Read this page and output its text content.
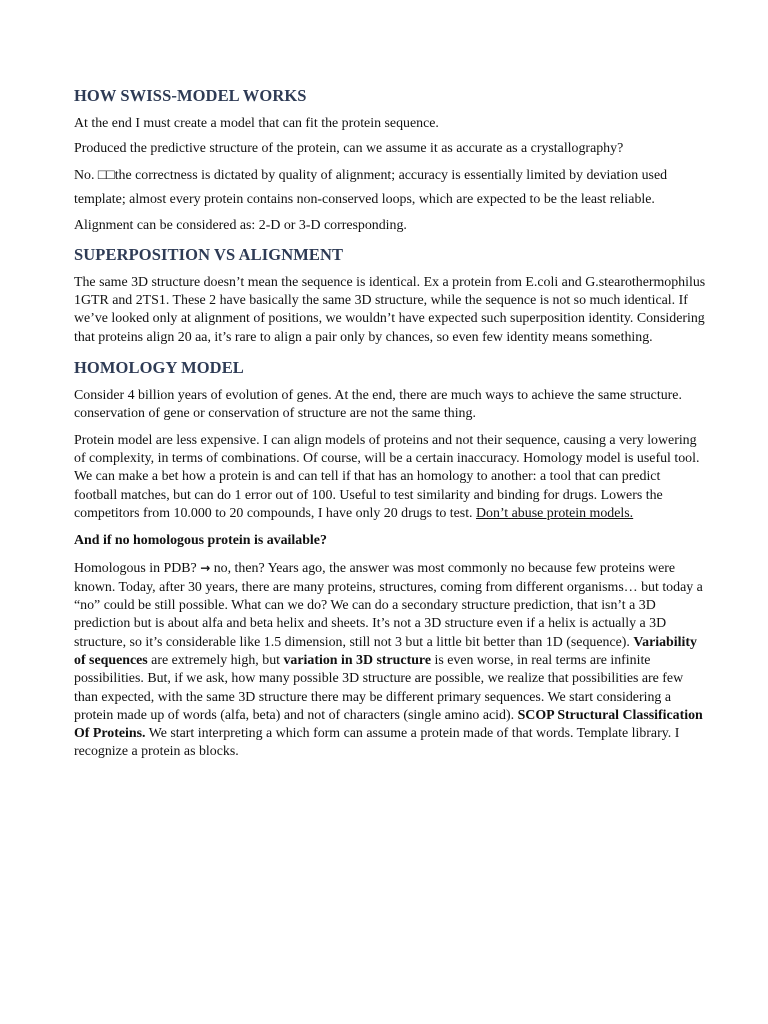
HOW SWISS-MODEL WORKS

At the end I must create a model that can fit the protein sequence.

Produced the predictive structure of the protein, can we assume it as accurate as a crystallography?

No. □□the correctness is dictated by quality of alignment; accuracy is essentially limited by deviation used template; almost every protein contains non-conserved loops, which are expected to be the least reliable.

Alignment can be considered as: 2-D or 3-D corresponding.

SUPERPOSITION VS ALIGNMENT

The same 3D structure doesn’t mean the sequence is identical. Ex a protein from E.coli and G.stearothermophilus 1GTR and 2TS1. These 2 have basically the same 3D structure, while the sequence is not so much identical. If we’ve looked only at alignment of positions, we wouldn’t have expected such superposition identity. Considering that proteins align 20 aa, it’s rare to align a pair only by chances, so even few identity means something.

HOMOLOGY MODEL

Consider 4 billion years of evolution of genes. At the end, there are much ways to achieve the same structure. conservation of gene or conservation of structure are not the same thing.

Protein model are less expensive. I can align models of proteins and not their sequence, causing a very lowering of complexity, in terms of combinations. Of course, will be a certain inaccuracy. Homology model is useful tool. We can make a bet how a protein is and can tell if that has an homology to another: a tool that can predict football matches, but can do 1 error out of 100. Useful to test similarity and binding for drugs. Lowers the competitors from 10.000 to 20 compounds, I have only 20 drugs to test. Don’t abuse protein models.

And if no homologous protein is available?

Homologous in PDB? → no, then? Years ago, the answer was most commonly no because few proteins were known. Today, after 30 years, there are many proteins, structures, coming from different organisms… but today a “no” could be still possible. What can we do? We can do a secondary structure prediction, that isn’t a 3D prediction but is about alfa and beta helix and sheets. It’s not a 3D structure even if a helix is actually a 3D structure, so it’s considerable like 1.5 dimension, still not 3 but a little bit better than 1D (sequence). Variability of sequences are extremely high, but variation in 3D structure is even worse, in real terms are infinite possibilities. But, if we ask, how many possible 3D structure are possible, we realize that possibilities are few than expected, with the same 3D structure there may be different primary sequences. We start considering a protein made up of words (alfa, beta) and not of characters (single amino acid). SCOP Structural Classification Of Proteins. We start interpreting a which form can assume a protein made of that words. Template library. I recognize a protein as blocks.
